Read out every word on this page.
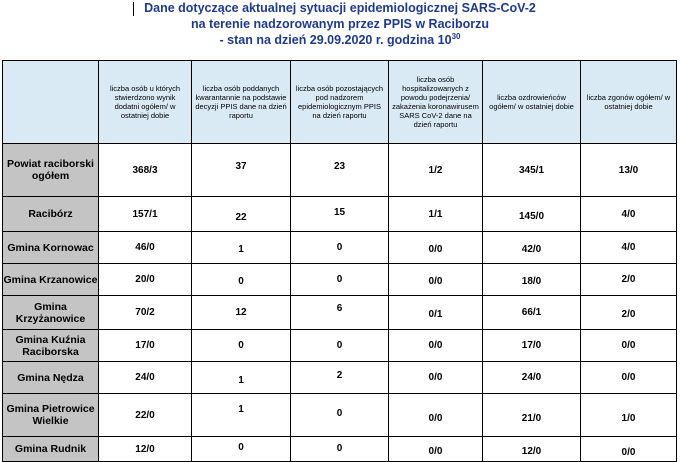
Dane dotyczące aktualnej sytuacji epidemiologicznej SARS-CoV-2
na terenie nadzorowanym przez PPIS w Raciborzu
- stan na dzień 29.09.2020 r. godzina $10^{30}$
	liczba osób u których stwierdzono wynik dodatni ogółem/ w ostatniej dobie	liczba osób poddanych kwarantannie na podstawie decyzji PPIS dane na dzień raportu	liczba osób pozostających pod nadzorem epidemiologicznym PPIS na dzień raportu	liczba osób hospitalizowanych z powodu podejrzenia/ zakażenia koronawirusem SARS CoV-2 dane na dzień raportu	liczba ozdrowieńców ogółem/ w ostatniej dobie	liczba zgonów ogółem/ w ostatniej dobie
Powiat raciborski ogółem	368/3	37	23	1/2	345/1	13/0
Racibórz	157/1	22	15	1/1	145/0	4/0
Gmina Kornowac	46/0	1	0	0/0	42/0	4/0
Gmina Krzanowice	20/0	0	0	0/0	18/0	2/0
Gmina Krzyżanowice	70/2	12	6	0/1	66/1	2/0
Gmina Kuźnia Raciborska	17/0	0	0	0/0	17/0	0/0
Gmina Nędza	24/0	1	2	0/0	24/0	0/0
Gmina Pietrowice Wielkie	22/0	1	0	0/0	21/0	1/0
Gmina Rudnik	12/0	0	0	0/0	12/0	0/0
